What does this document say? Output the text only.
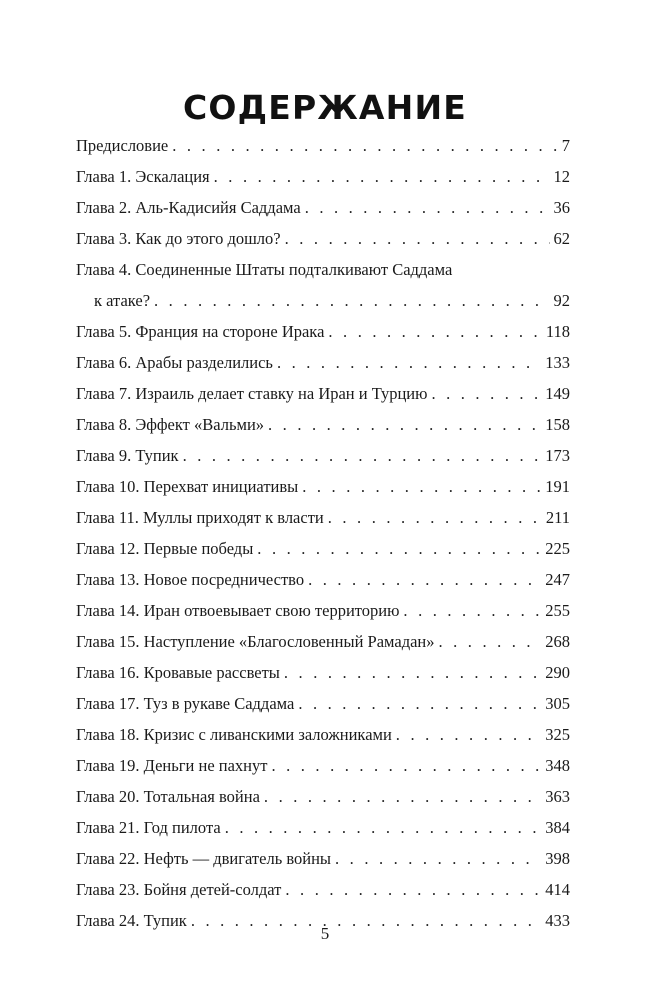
СОДЕРЖАНИЕ
Предисловие . . .	7
Глава 1. Эскалация . . .	12
Глава 2. Аль-Кадисийя Саддама . . .	36
Глава 3. Как до этого дошло? . . .	62
Глава 4. Соединенные Штаты подталкивают Саддама
к атаке? . . .	92
Глава 5. Франция на стороне Ирака . . .	118
Глава 6. Арабы разделились . . .	133
Глава 7. Израиль делает ставку на Иран и Турцию . . .	149
Глава 8. Эффект «Вальми» . . .	158
Глава 9. Тупик . . .	173
Глава 10. Перехват инициативы . . .	191
Глава 11. Муллы приходят к власти . . .	211
Глава 12. Первые победы . . .	225
Глава 13. Новое посредничество . . .	247
Глава 14. Иран отвоевывает свою территорию . . .	255
Глава 15. Наступление «Благословенный Рамадан» . . .	268
Глава 16. Кровавые рассветы . . .	290
Глава 17. Туз в рукаве Саддама . . .	305
Глава 18. Кризис с ливанскими заложниками . . .	325
Глава 19. Деньги не пахнут . . .	348
Глава 20. Тотальная война . . .	363
Глава 21. Год пилота . . .	384
Глава 22. Нефть — двигатель войны . . .	398
Глава 23. Бойня детей-солдат . . .	414
Глава 24. Тупик . . .	433
5
